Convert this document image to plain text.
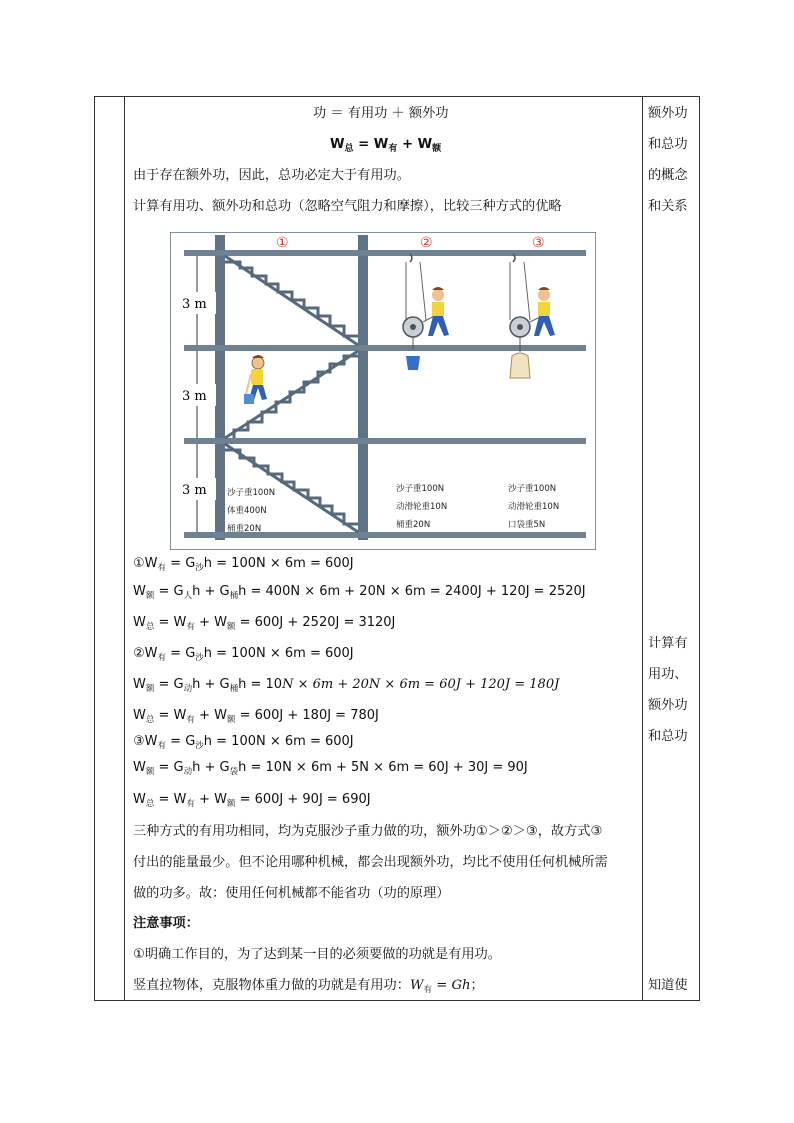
功 ＝ 有用功 ＋ 额外功
$W_总 = W_有 + W_额$
由于存在额外功，因此，总功必定大于有用功。
计算有用功、额外功和总功（忽略空气阻力和摩擦），比较三种方式的优略
3 m
3 m
3 m
①	②	③
沙子重100N
体重400N
桶重20N
沙子重100N
动滑轮重10N
桶重20N
沙子重100N
动滑轮重10N
口袋重5N
$①W_有 = G_沙h = 100N \times 6m = 600J$
$W_额 = G_人h + G_桶h = 400N \times 6m + 20N \times 6m = 2400J + 120J = 2520J$
$W_总 = W_有 + W_额 = 600J + 2520J = 3120J$
$②W_有 = G_沙h = 100N \times 6m = 600J$
$W_额 = G_动h + G_桶h = 10N \times 6m + 20N \times 6m = 60J + 120J = 180J$
$W_总 = W_有 + W_额 = 600J + 180J = 780J$
$③W_有 = G_沙h = 100N \times 6m = 600J$
$W_额 = G_动h + G_袋h = 10N \times 6m + 5N \times 6m = 60J + 30J = 90J$
$W_总 = W_有 + W_额 = 600J + 90J = 690J$
三种方式的有用功相同，均为克服沙子重力做的功，额外功①＞②＞③，故方式③
付出的能量最少。但不论用哪种机械，都会出现额外功，均比不使用任何机械所需
做的功多。故：使用任何机械都不能省功（功的原理）
注意事项：
①明确工作目的，为了达到某一目的必须要做的功就是有用功。
竖直拉物体，克服物体重力做的功就是有用功：$W_有 = Gh$；
额外功
和总功
的概念
和关系
计算有
用功、
额外功
和总功
知道使
